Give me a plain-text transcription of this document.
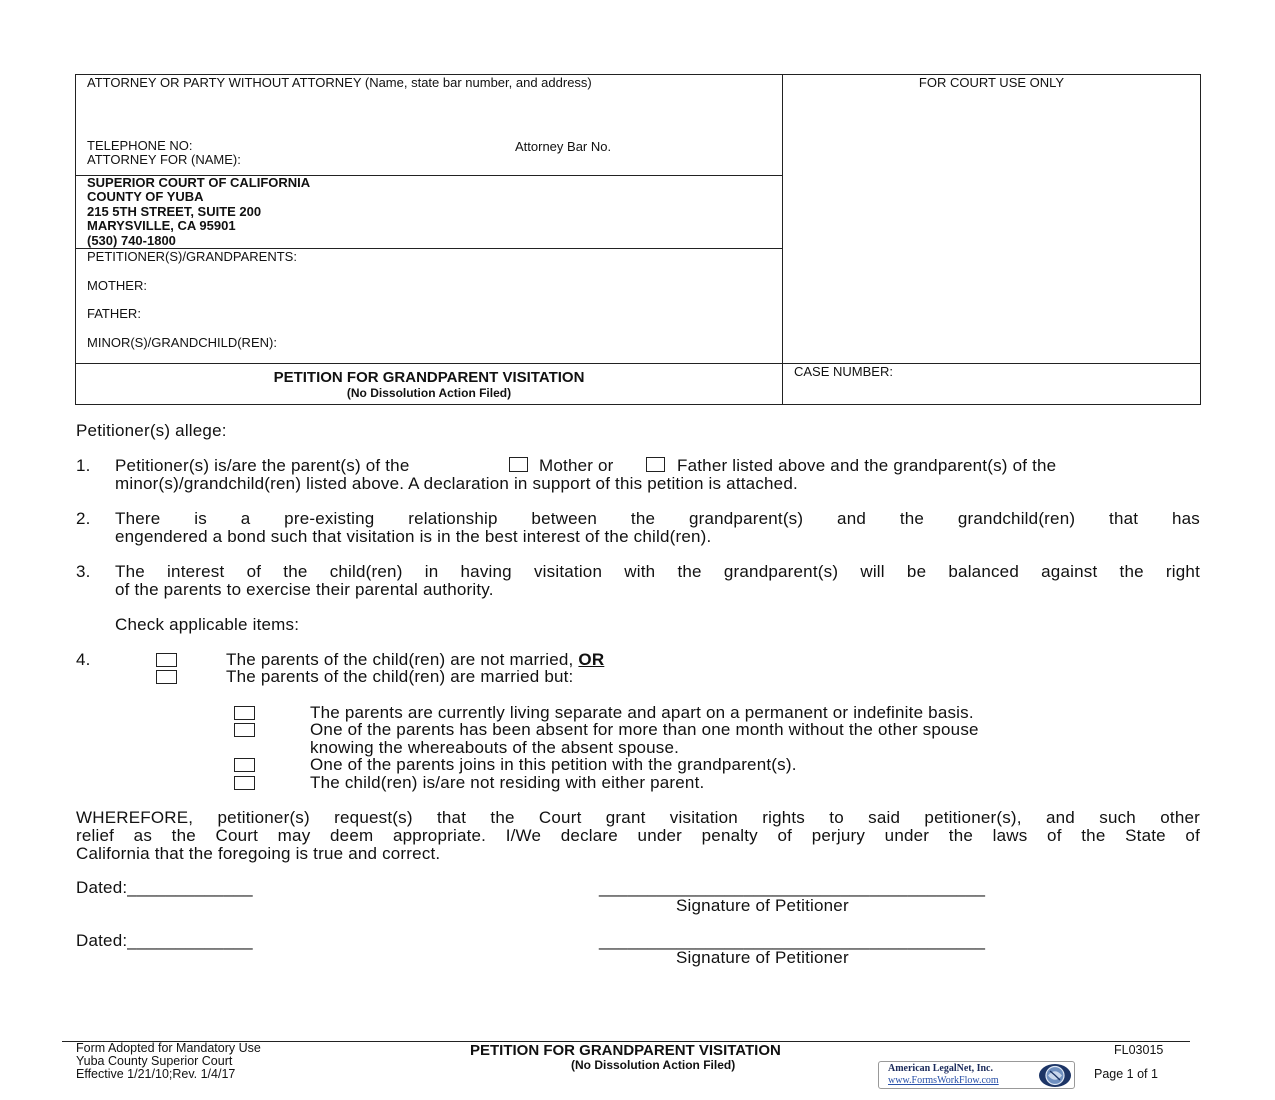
ATTORNEY OR PARTY WITHOUT ATTORNEY (Name, state bar number, and address)
TELEPHONE NO:	Attorney Bar No.
ATTORNEY FOR (NAME):
FOR COURT USE ONLY
SUPERIOR COURT OF CALIFORNIA
COUNTY OF YUBA
215 5TH STREET, SUITE 200
MARYSVILLE, CA 95901
(530) 740-1800
PETITIONER(S)/GRANDPARENTS:
MOTHER:
FATHER:
MINOR(S)/GRANDCHILD(REN):
PETITION FOR GRANDPARENT VISITATION
(No Dissolution Action Filed)
CASE NUMBER:
Petitioner(s) allege:
1. Petitioner(s) is/are the parent(s) of the	Mother or	Father listed above and the grandparent(s) of the
minor(s)/grandchild(ren) listed above. A declaration in support of this petition is attached.
2. There is a pre-existing relationship between the grandparent(s) and the grandchild(ren) that has
engendered a bond such that visitation is in the best interest of the child(ren).
3. The interest of the child(ren) in having visitation with the grandparent(s) will be balanced against the right
of the parents to exercise their parental authority.
Check applicable items:
4.	The parents of the child(ren) are not married, OR
The parents of the child(ren) are married but:
The parents are currently living separate and apart on a permanent or indefinite basis.
One of the parents has been absent for more than one month without the other spouse
knowing the whereabouts of the absent spouse.
One of the parents joins in this petition with the grandparent(s).
The child(ren) is/are not residing with either parent.
WHEREFORE, petitioner(s) request(s) that the Court grant visitation rights to said petitioner(s), and such other
relief as the Court may deem appropriate. I/We declare under penalty of perjury under the laws of the State of
California that the foregoing is true and correct.
Dated:_____________	________________________________________
Signature of Petitioner
Dated:_____________	________________________________________
Signature of Petitioner
Form Adopted for Mandatory Use
Yuba County Superior Court
Effective 1/21/10;Rev. 1/4/17
PETITION FOR GRANDPARENT VISITATION
(No Dissolution Action Filed)
FL03015
American LegalNet, Inc.
www.FormsWorkFlow.com	Page 1 of 1
